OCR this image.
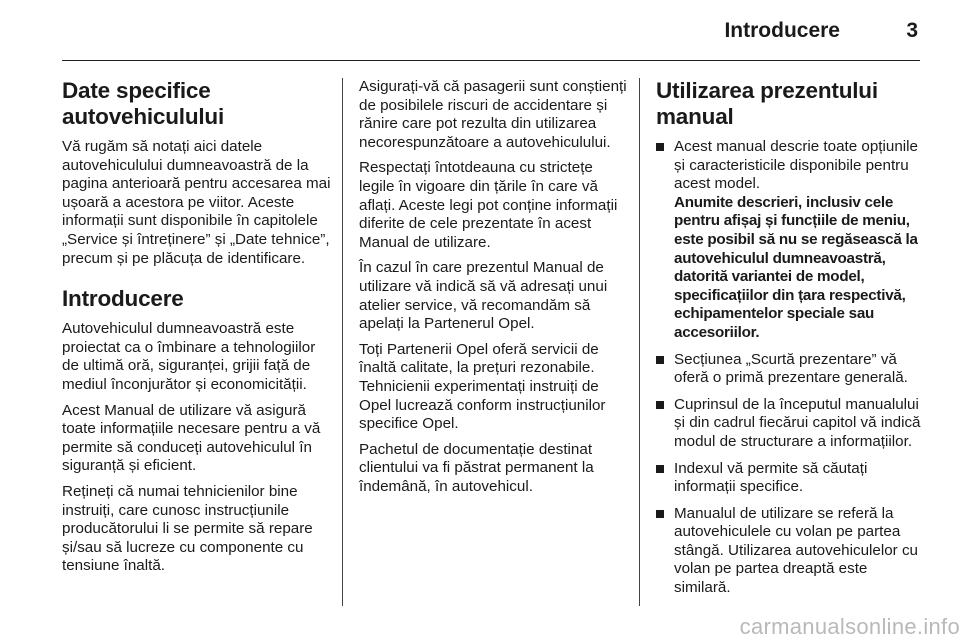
Introducere	3
Date specifice autovehiculului

Vă rugăm să notați aici datele autovehiculului dumneavoastră de la pagina anterioară pentru accesarea mai ușoară a acestora pe viitor. Aceste informații sunt disponibile în capitolele „Service și întreținere” și „Date tehnice”, precum și pe plăcuța de identificare.

Introducere

Autovehiculul dumneavoastră este proiectat ca o îmbinare a tehnologiilor de ultimă oră, siguranței, grijii față de mediul înconjurător și economicității.

Acest Manual de utilizare vă asigură toate informațiile necesare pentru a vă permite să conduceți autovehiculul în siguranță și eficient.

Rețineți că numai tehnicienilor bine instruiți, care cunosc instrucțiunile producătorului li se permite să repare și/sau să lucreze cu componente cu tensiune înaltă.

Asigurați-vă că pasagerii sunt conștienți de posibilele riscuri de accidentare și rănire care pot rezulta din utilizarea necorespunzătoare a autovehiculului.

Respectați întotdeauna cu strictețe legile în vigoare din țările în care vă aflați. Aceste legi pot conține informații diferite de cele prezentate în acest Manual de utilizare.

În cazul în care prezentul Manual de utilizare vă indică să vă adresați unui atelier service, vă recomandăm să apelați la Partenerul Opel.

Toți Partenerii Opel oferă servicii de înaltă calitate, la prețuri rezonabile. Tehnicienii experimentați instruiți de Opel lucrează conform instrucțiunilor specifice Opel.

Pachetul de documentație destinat clientului va fi păstrat permanent la îndemână, în autovehicul.

Utilizarea prezentului manual
Acest manual descrie toate opțiunile și caracteristicile disponibile pentru acest model.
Anumite descrieri, inclusiv cele pentru afișaj și funcțiile de meniu, este posibil să nu se regăsească la autovehiculul dumneavoastră, datorită variantei de model, specificațiilor din țara respectivă, echipamentelor speciale sau accesoriilor.
Secțiunea „Scurtă prezentare” vă oferă o primă prezentare generală.
Cuprinsul de la începutul manualului și din cadrul fiecărui capitol vă indică modul de structurare a informațiilor.
Indexul vă permite să căutați informații specifice.
Manualul de utilizare se referă la autovehiculele cu volan pe partea stângă. Utilizarea autovehiculelor cu volan pe partea dreaptă este similară.
carmanualsonline.info
